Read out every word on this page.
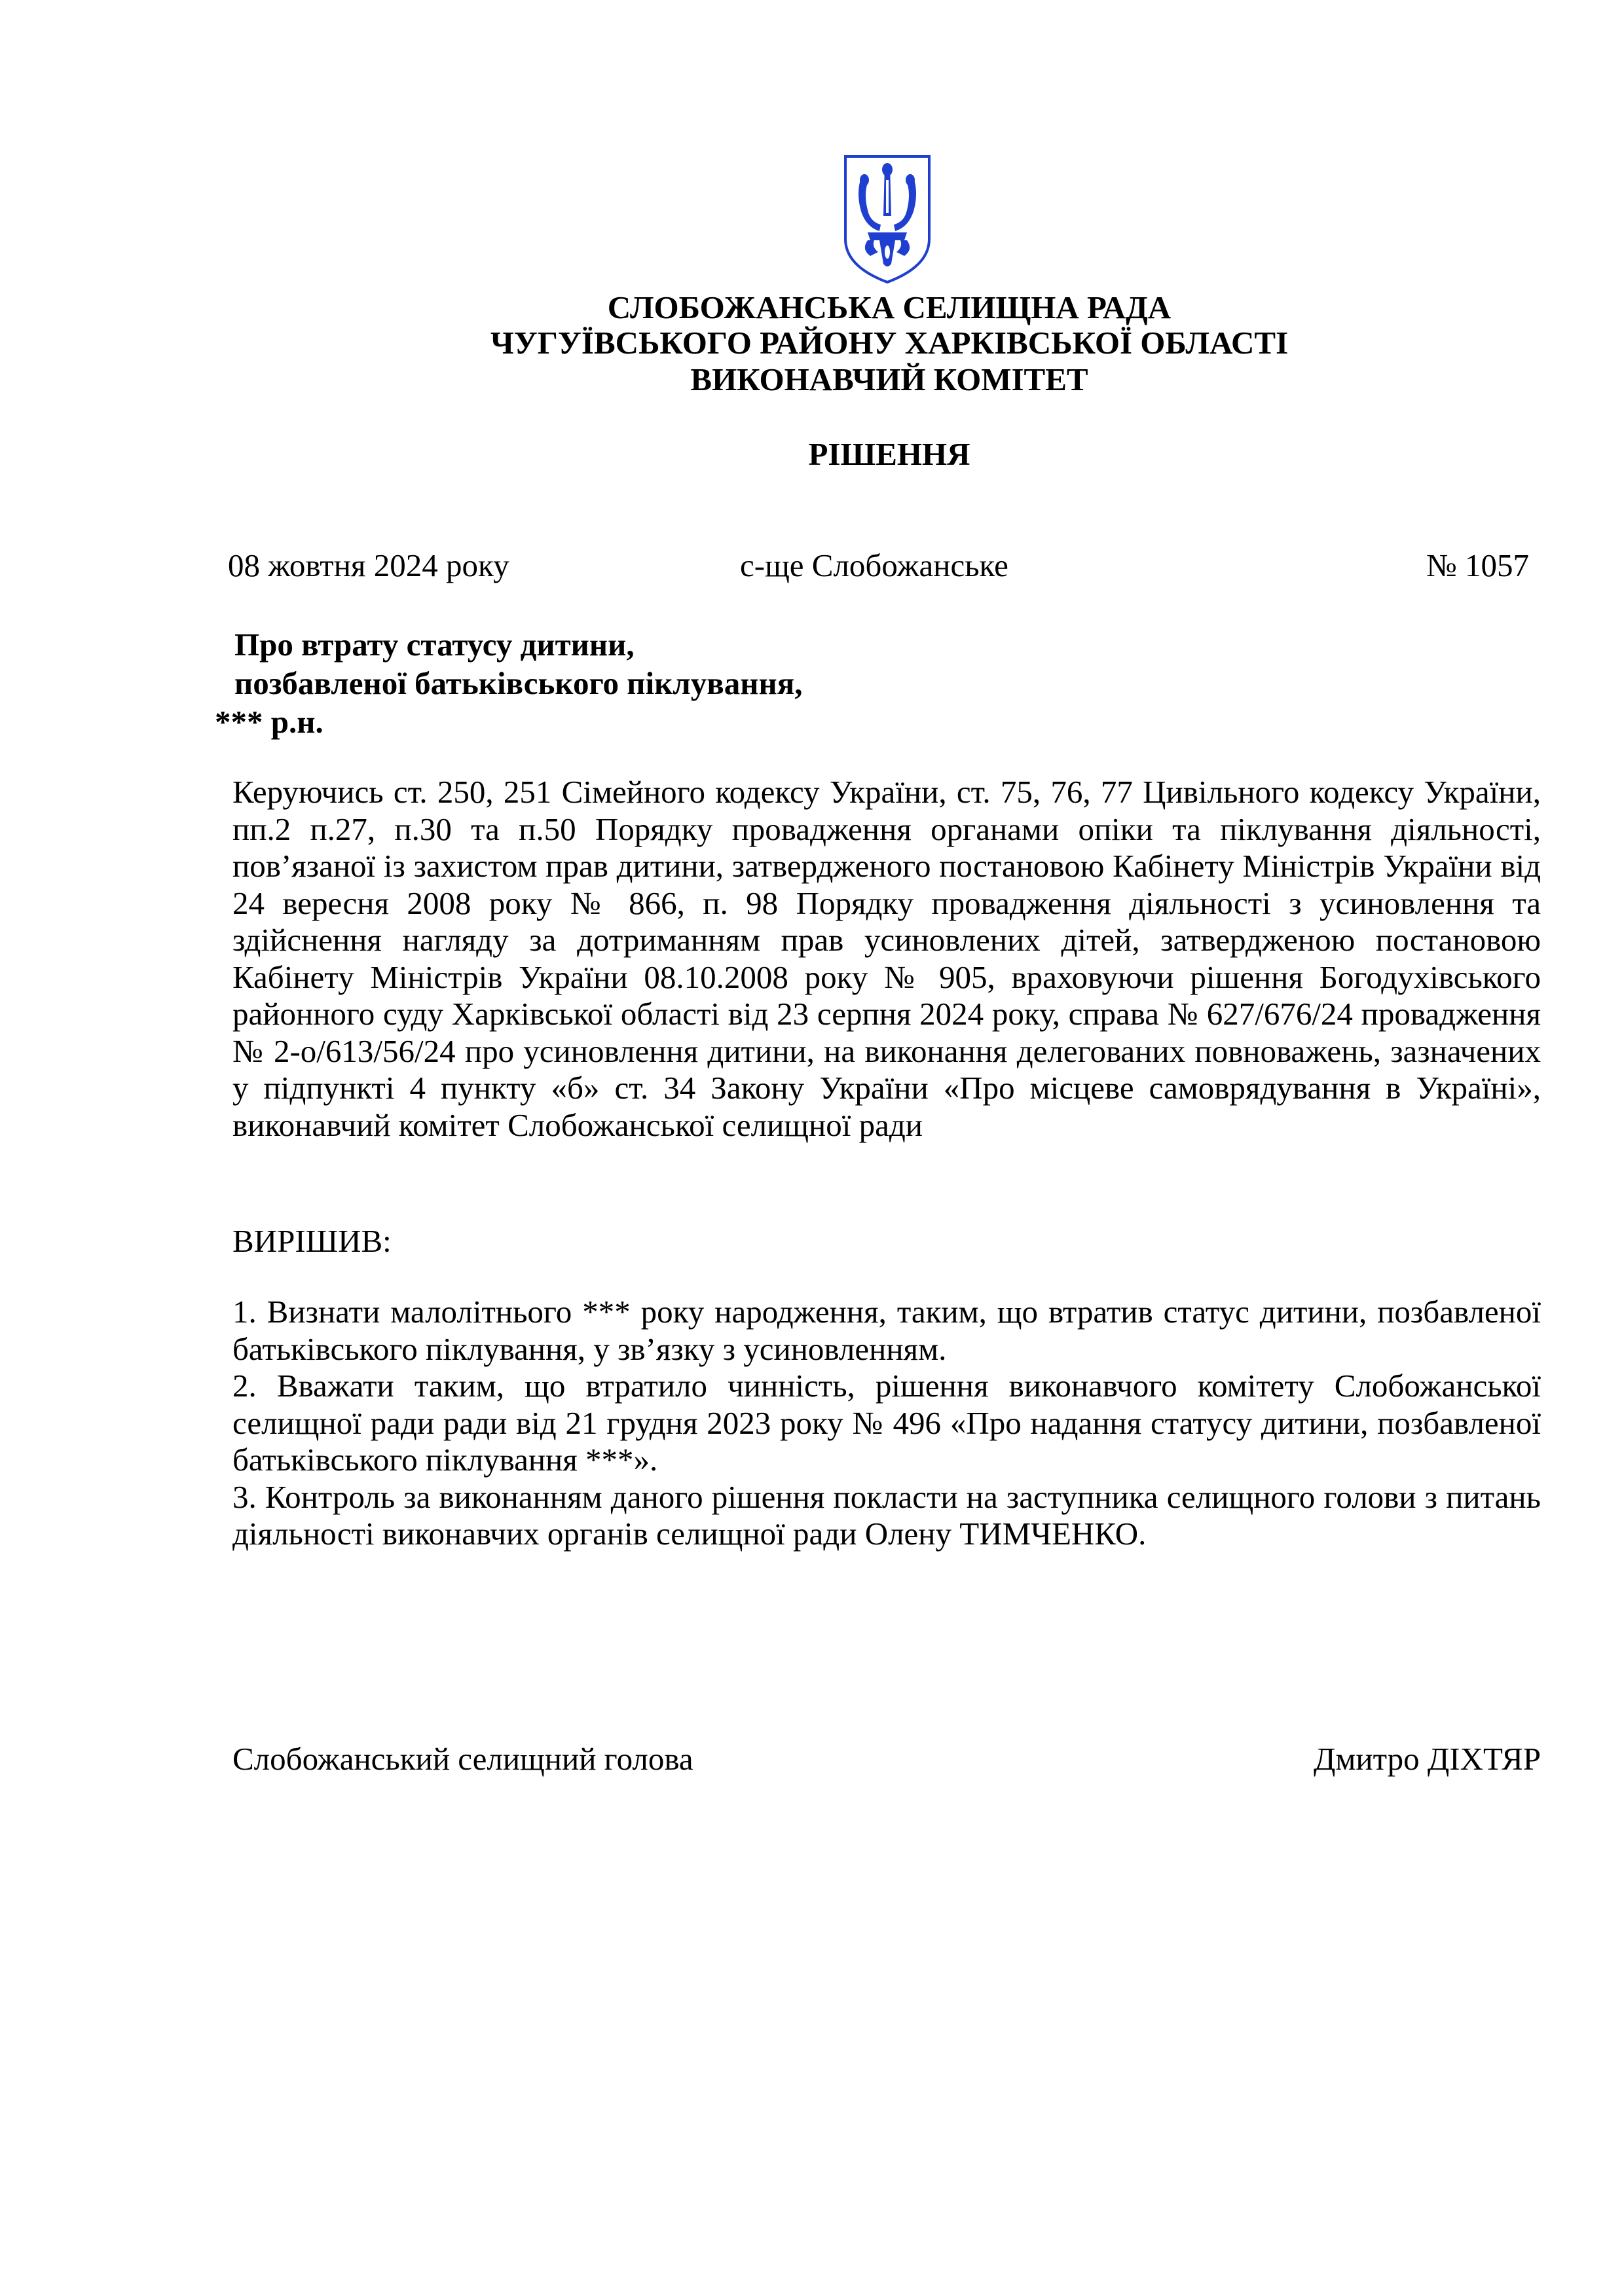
СЛОБОЖАНСЬКА СЕЛИЩНА РАДА
ЧУГУЇВСЬКОГО РАЙОНУ ХАРКІВСЬКОЇ ОБЛАСТІ
ВИКОНАВЧИЙ КОМІТЕТ
РІШЕННЯ
08 жовтня 2024 року	с-ще Слобожанське	№ 1057
Про втрату статусу дитини,
позбавленої батьківського піклування,
*** р.н.

Керуючись ст. 250, 251 Сімейного кодексу України, ст. 75, 76, 77 Цивільного кодексу України, пп.2 п.27, п.30 та п.50 Порядку провадження органами опіки та піклування діяльності, пов’язаної із захистом прав дитини, затвердженого постановою Кабінету Міністрів України від 24 вересня 2008 року № 866, п. 98 Порядку провадження діяльності з усиновлення та здійснення нагляду за дотриманням прав усиновлених дітей, затвердженою постановою Кабінету Міністрів України 08.10.2008 року № 905, враховуючи рішення Богодухівського районного суду Харківської області від 23 серпня 2024 року, справа № 627/676/24 провадження № 2-о/613/56/24 про усиновлення дитини, на виконання делегованих повноважень, зазначених у підпункті 4 пункту «б» ст. 34 Закону України «Про місцеве самоврядування в Україні», виконавчий комітет Слобожанської селищної ради

ВИРІШИВ:

1. Визнати малолітнього *** року народження, таким, що втратив статус дитини, позбавленої батьківського піклування, у зв’язку з усиновленням.

2. Вважати таким, що втратило чинність, рішення виконавчого комітету Слобожанської селищної ради ради від 21 грудня 2023 року № 496 «Про надання статусу дитини, позбавленої батьківського піклування ***».

3. Контроль за виконанням даного рішення покласти на заступника селищного голови з питань діяльності виконавчих органів селищної ради Олену ТИМЧЕНКО.

Слобожанський селищний голова	Дмитро ДІХТЯР
